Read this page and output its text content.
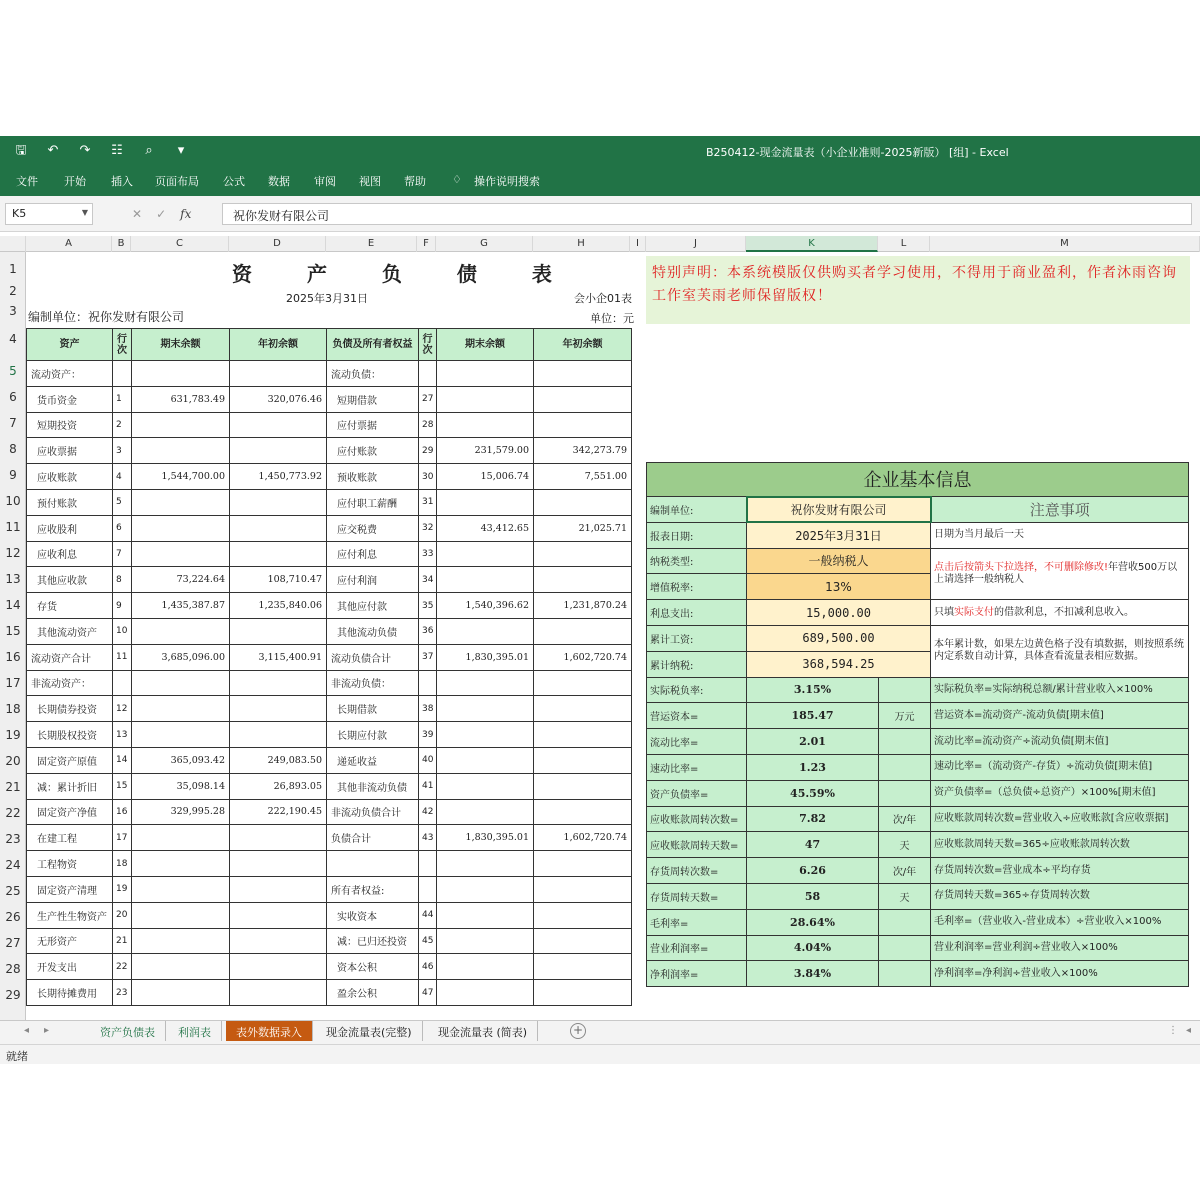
🖫 ↶ ↷ ☷	⌕	▾	B250412-现金流量表（小企业准则-2025新版） [组] - Excel
文件 开始 插入 页面布局 公式 数据 审阅 视图 帮助 ♢ 操作说明搜索
K5	▼	✕ ✓ fx	祝你发财有限公司
A	B	C	D	E	F	G	H	I	J	K	L	M
1
2
3
4
5
6
7
8
9
10
11
12
13
14
15
16
17
18
19
20
21
22
23
24
25
26
27
28
29
资 产 负 债 表
2025年3月31日	会小企01表
编制单位：祝你发财有限公司	单位：元
资产	行次	期末余额	年初余额	负债及所有者权益	行次	期末余额	年初余额
流动资产：				流动负债：			
货币资金	1	631,783.49	320,076.46	短期借款	27		
短期投资	2			应付票据	28		
应收票据	3			应付账款	29	231,579.00	342,273.79
应收账款	4	1,544,700.00	1,450,773.92	预收账款	30	15,006.74	7,551.00
预付账款	5			应付职工薪酬	31		
应收股利	6			应交税费	32	43,412.65	21,025.71
应收利息	7			应付利息	33		
其他应收款	8	73,224.64	108,710.47	应付利润	34		
存货	9	1,435,387.87	1,235,840.06	其他应付款	35	1,540,396.62	1,231,870.24
其他流动资产	10			其他流动负债	36		
流动资产合计	11	3,685,096.00	3,115,400.91	流动负债合计	37	1,830,395.01	1,602,720.74
非流动资产：				非流动负债：			
长期债券投资	12			长期借款	38		
长期股权投资	13			长期应付款	39		
固定资产原值	14	365,093.42	249,083.50	递延收益	40		
减：累计折旧	15	35,098.14	26,893.05	其他非流动负债	41		
固定资产净值	16	329,995.28	222,190.45	非流动负债合计	42		
在建工程	17			负债合计	43	1,830,395.01	1,602,720.74
工程物资	18						
固定资产清理	19			所有者权益:			
生产性生物资产	20			实收资本	44		
无形资产	21			减：已归还投资	45		
开发支出	22			资本公积	46		
长期待摊费用	23			盈余公积	47		
特别声明：本系统模版仅供购买者学习使用，不得用于商业盈利，作者沐雨咨询工作室芙雨老师保留版权！
企业基本信息			
编制单位:	祝你发财有限公司		注意事项
报表日期:	2025年3月31日		日期为当月最后一天
纳税类型:	一般纳税人		点击后按箭头下拉选择，不可删除修改!年营收500万以上请选择一般纳税人
增值税率:	13%		
利息支出:	15,000.00		只填实际支付的借款利息，不扣减利息收入。
累计工资:	689,500.00		本年累计数，如果左边黄色格子没有填数据，则按照系统内定系数自动计算，具体查看流量表相应数据。
累计纳税:	368,594.25		
实际税负率:	3.15%		实际税负率=实际纳税总额/累计营业收入×100%
营运资本=	185.47	万元	营运资本=流动资产-流动负债[期末值]
流动比率=	2.01		流动比率=流动资产÷流动负债[期末值]
速动比率=	1.23		速动比率=（流动资产-存货）÷流动负债[期末值]
资产负债率=	45.59%		资产负债率=（总负债÷总资产）×100%[期末值]
应收账款周转次数=	7.82	次/年	应收账款周转次数=营业收入÷应收账款[含应收票据]
应收账款周转天数=	47	天	应收账款周转天数=365÷应收账款周转次数
存货周转次数=	6.26	次/年	存货周转次数=营业成本÷平均存货
存货周转天数=	58	天	存货周转天数=365÷存货周转次数
毛利率=	28.64%		毛利率=（营业收入-营业成本）÷营业收入×100%
营业利润率=	4.04%		营业利润率=营业利润÷营业收入×100%
净利润率=	3.84%		净利润率=净利润÷营业收入×100%
◂ ▸	资产负债表	利润表	表外数据录入	现金流量表(完整)	现金流量表 (简表)	+	⋮ ◂
就绪
